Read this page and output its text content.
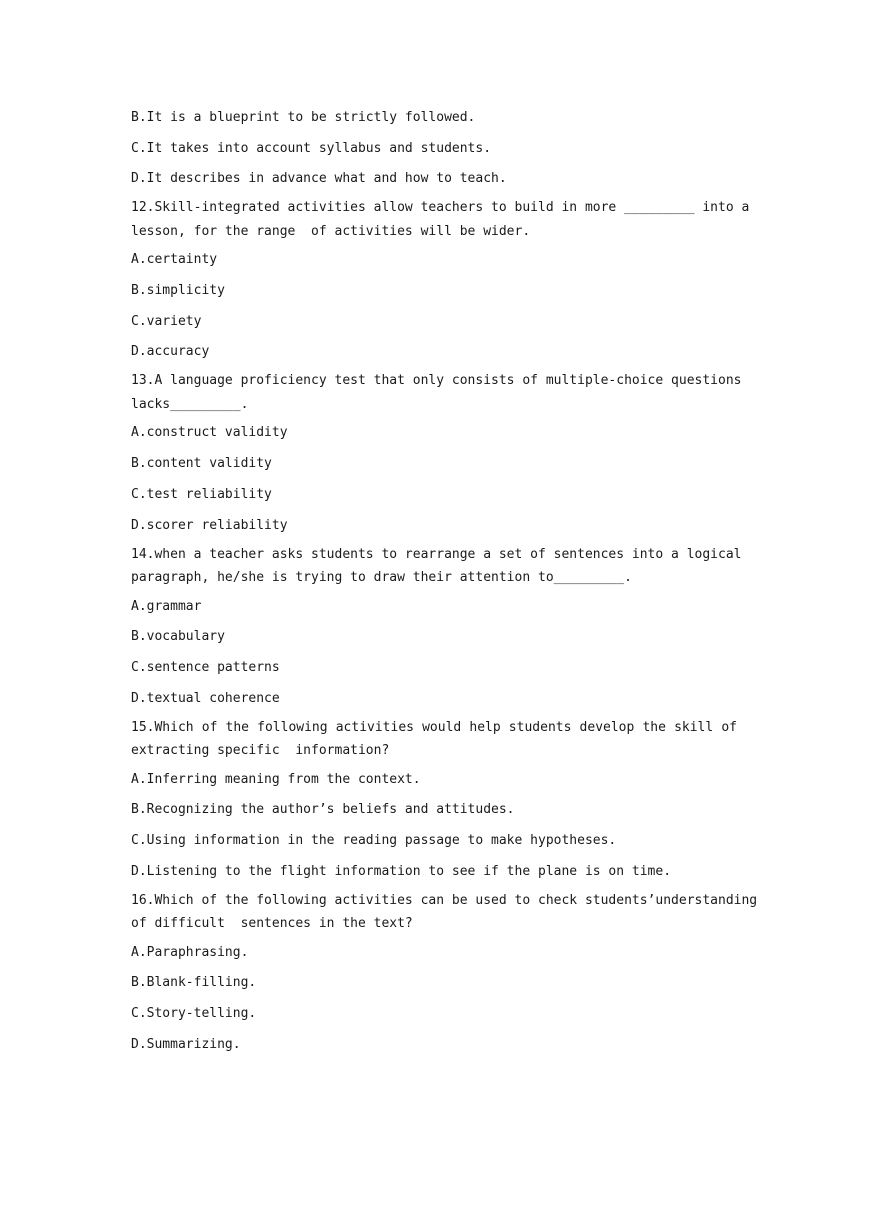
B.It is a blueprint to be strictly followed.
C.It takes into account syllabus and students.
D.It describes in advance what and how to teach.
12.Skill-integrated activities allow teachers to build in more _________ into a
lesson, for the range  of activities will be wider.
A.certainty
B.simplicity
C.variety
D.accuracy
13.A language proficiency test that only consists of multiple-choice questions
lacks_________.
A.construct validity
B.content validity
C.test reliability
D.scorer reliability
14.when a teacher asks students to rearrange a set of sentences into a logical
paragraph, he/she is trying to draw their attention to_________.
A.grammar
B.vocabulary
C.sentence patterns
D.textual coherence
15.Which of the following activities would help students develop the skill of
extracting specific  information?
A.Inferring meaning from the context.
B.Recognizing the author’s beliefs and attitudes.
C.Using information in the reading passage to make hypotheses.
D.Listening to the flight information to see if the plane is on time.
16.Which of the following activities can be used to check students’understanding
of difficult  sentences in the text?
A.Paraphrasing.
B.Blank-filling.
C.Story-telling.
D.Summarizing.
